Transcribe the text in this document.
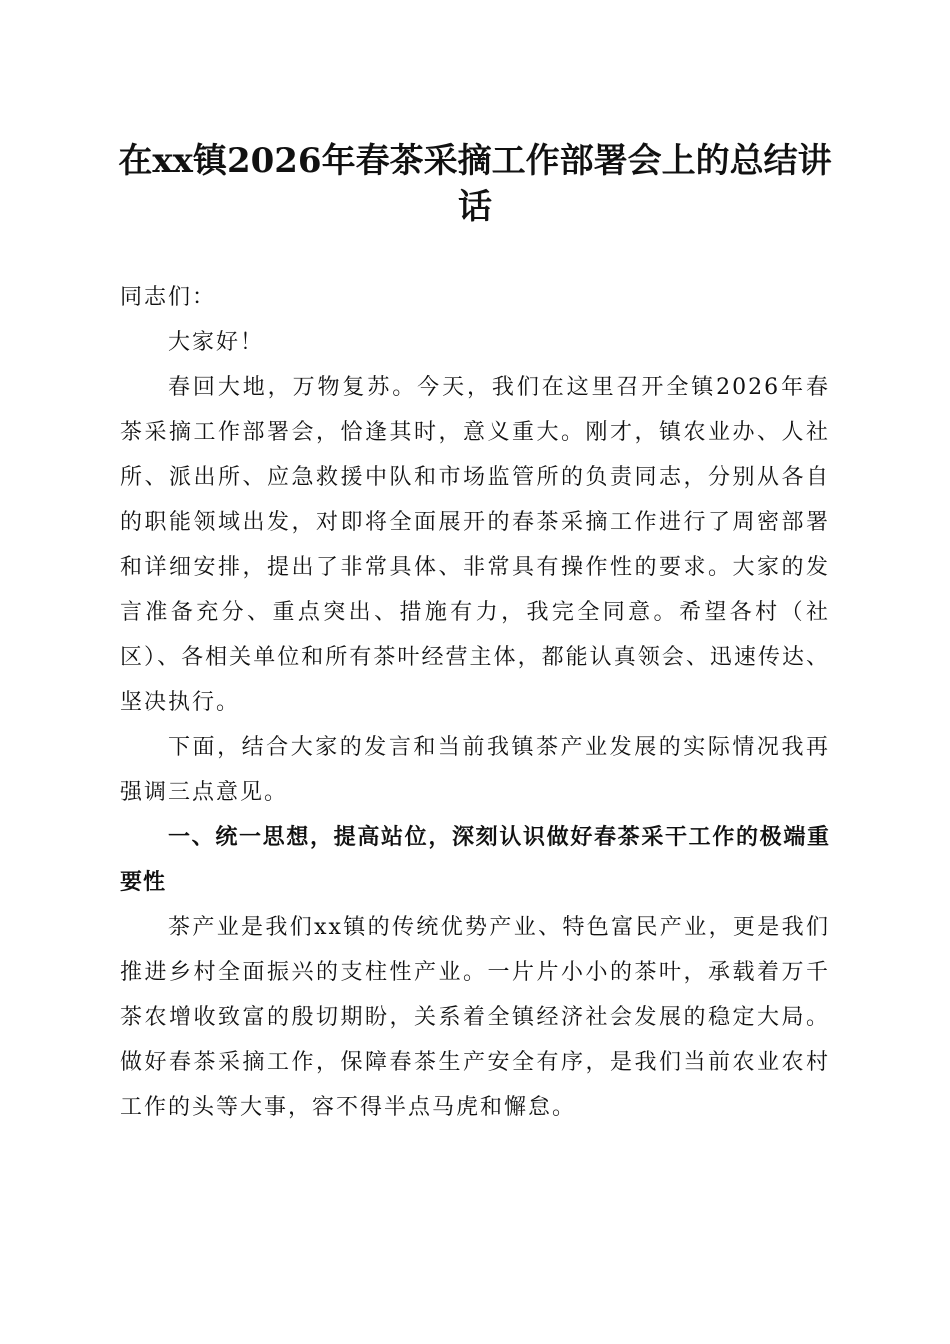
在xx镇2026年春茶采摘工作部署会上的总结讲话

同志们：

大家好！

春回大地，万物复苏。今天，我们在这里召开全镇2026年春茶采摘工作部署会，恰逢其时，意义重大。刚才，镇农业办、人社所、派出所、应急救援中队和市场监管所的负责同志，分别从各自的职能领域出发，对即将全面展开的春茶采摘工作进行了周密部署和详细安排，提出了非常具体、非常具有操作性的要求。大家的发言准备充分、重点突出、措施有力，我完全同意。希望各村（社区）、各相关单位和所有茶叶经营主体，都能认真领会、迅速传达、坚决执行。

下面，结合大家的发言和当前我镇茶产业发展的实际情况我再强调三点意见。

一、统一思想，提高站位，深刻认识做好春茶采干工作的极端重要性

茶产业是我们xx镇的传统优势产业、特色富民产业，更是我们推进乡村全面振兴的支柱性产业。一片片小小的茶叶，承载着万千茶农增收致富的殷切期盼，关系着全镇经济社会发展的稳定大局。做好春茶采摘工作，保障春茶生产安全有序，是我们当前农业农村工作的头等大事，容不得半点马虎和懈怠。
